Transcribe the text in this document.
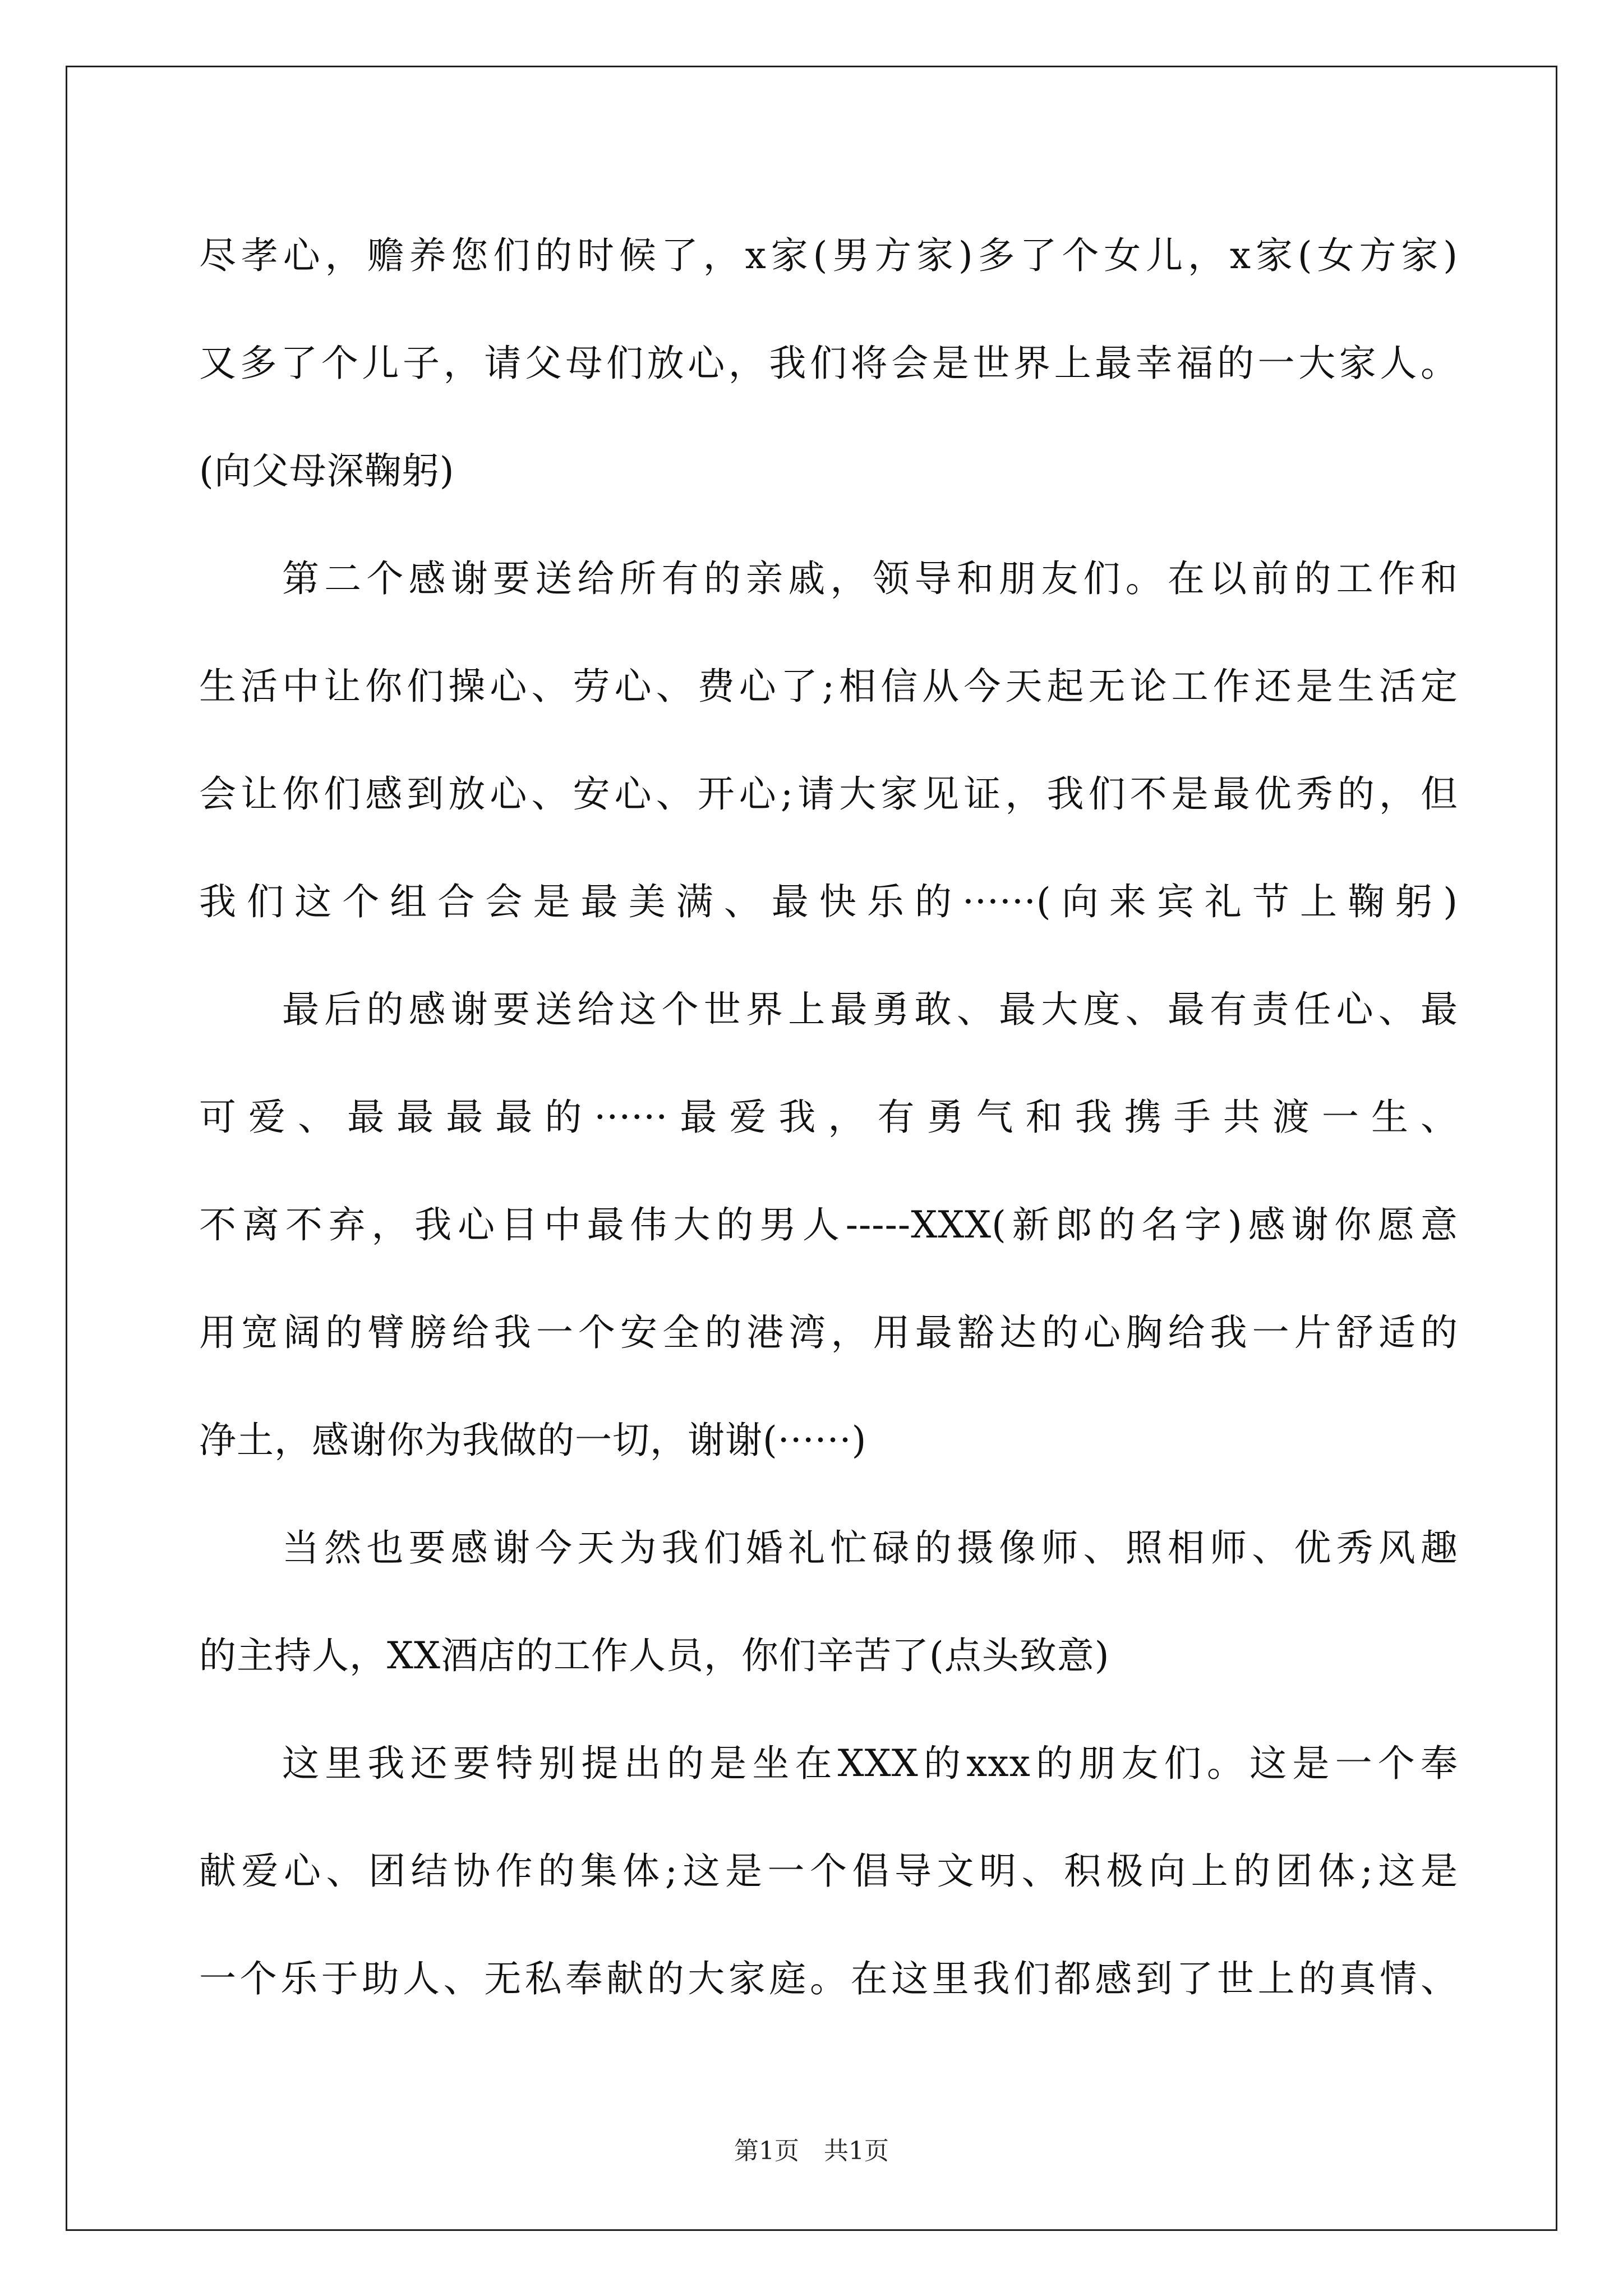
尽孝心，赡养您们的时候了，x家(男方家)多了个女儿，x家(女方家)
又多了个儿子，请父母们放心，我们将会是世界上最幸福的一大家人。
(向父母深鞠躬)
第二个感谢要送给所有的亲戚，领导和朋友们。在以前的工作和
生活中让你们操心、劳心、费心了;相信从今天起无论工作还是生活定
会让你们感到放心、安心、开心;请大家见证，我们不是最优秀的，但
我们这个组合会是最美满、最快乐的······(向来宾礼节上鞠躬)
最后的感谢要送给这个世界上最勇敢、最大度、最有责任心、最
可爱、最最最最的······最爱我，有勇气和我携手共渡一生、
不离不弃，我心目中最伟大的男人-----XXX(新郎的名字)感谢你愿意
用宽阔的臂膀给我一个安全的港湾，用最豁达的心胸给我一片舒适的
净土，感谢你为我做的一切，谢谢(······)
当然也要感谢今天为我们婚礼忙碌的摄像师、照相师、优秀风趣
的主持人，XX酒店的工作人员，你们辛苦了(点头致意)
这里我还要特别提出的是坐在XXX的xxx的朋友们。这是一个奉
献爱心、团结协作的集体;这是一个倡导文明、积极向上的团体;这是
一个乐于助人、无私奉献的大家庭。在这里我们都感到了世上的真情、
第1页　共1页
